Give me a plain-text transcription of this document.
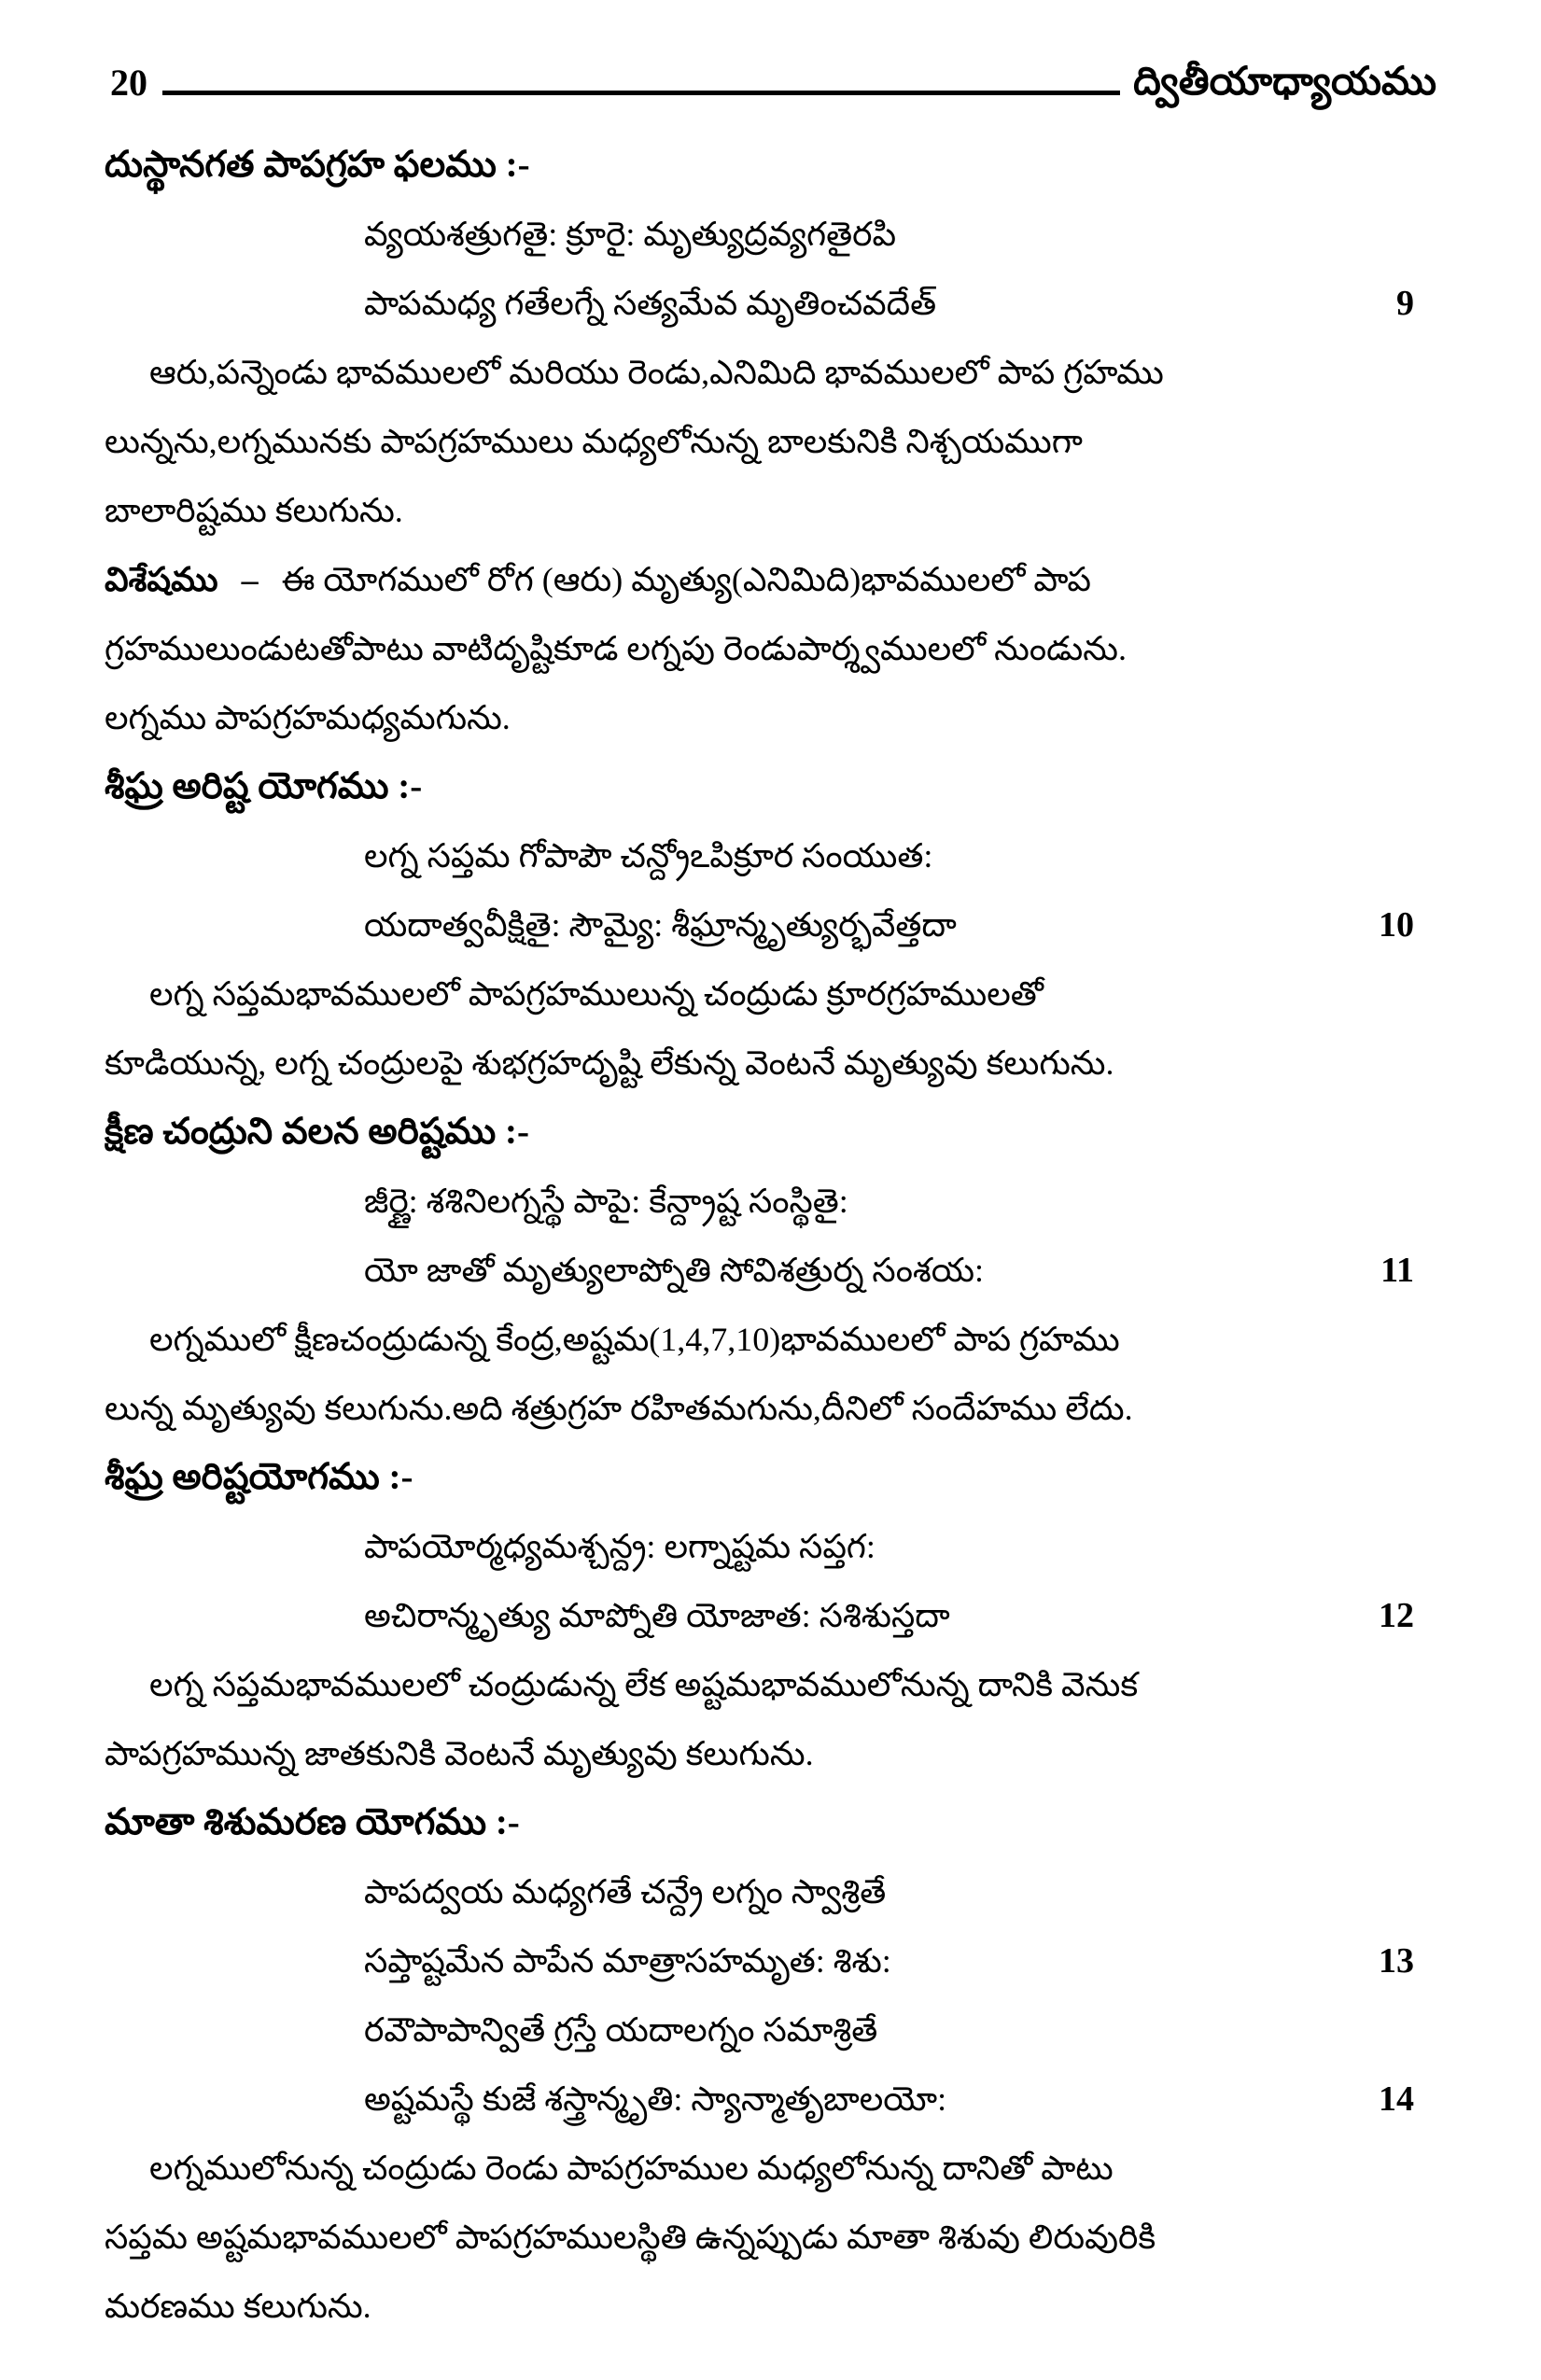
20	ద్వితీయాధ్యాయము
దుస్థానగత పాపగ్రహ ఫలము :-
వ్యయశత్రుగతై: క్రూరై: మృత్యుద్రవ్యగతైరపి
పాపమధ్య గతేలగ్నే సత్యమేవ మృతించవదేత్	9
ఆరు,పన్నెండు భావములలో మరియు రెండు,ఎనిమిది భావములలో పాప గ్రహము
లున్నను,లగ్నమునకు పాపగ్రహములు మధ్యలోనున్న బాలకునికి నిశ్చయముగా
బాలారిష్టము కలుగును.
విశేషము – ఈ యోగములో రోగ (ఆరు) మృత్యు(ఎనిమిది)భావములలో పాప
గ్రహములుండుటతోపాటు వాటిదృష్టికూడ లగ్నపు రెండుపార్శ్వములలో నుండును.
లగ్నము పాపగ్రహమధ్యమగును.
శీఘ్ర అరిష్ట యోగము :-
లగ్న సప్తమ గోపాపౌ చన్ద్రోఽపిక్రూర సంయుత:
యదాత్వవీక్షితై: సౌమ్యై: శీఘ్రాన్మృత్యుర్భవేత్తదా	10
లగ్న సప్తమభావములలో పాపగ్రహములున్న చంద్రుడు క్రూరగ్రహములతో
కూడియున్న, లగ్న చంద్రులపై శుభగ్రహదృష్టి లేకున్న వెంటనే మృత్యువు కలుగును.
క్షీణ చంద్రుని వలన అరిష్టము :-
జీర్ణై: శశినిలగ్నస్థే పాపై: కేన్ద్రాష్ట సంస్థితై:
యో జాతో మృత్యులాప్నోతి సోవిశత్రుర్న సంశయ:	11
లగ్నములో క్షీణచంద్రుడున్న కేంద్ర,అష్టమ(1,4,7,10)భావములలో పాప గ్రహము
లున్న మృత్యువు కలుగును.అది శత్రుగ్రహ రహితమగును,దీనిలో సందేహము లేదు.
శీఘ్ర అరిష్టయోగము :-
పాపయోర్మధ్యమశ్చన్ద్ర: లగ్నాష్టమ సప్తగ:
అచిరాన్మృత్యు మాప్నోతి యోజాత: సశిశుస్తదా	12
లగ్న సప్తమభావములలో చంద్రుడున్న లేక అష్టమభావములోనున్న దానికి వెనుక
పాపగ్రహమున్న జాతకునికి వెంటనే మృత్యువు కలుగును.
మాతా శిశుమరణ యోగము :-
పాపద్వయ మధ్యగతే చన్ద్రే లగ్నం స్వాశ్రితే
సప్తాష్టమేన పాపేన మాత్రాసహమృత: శిశు:	13
రవౌపాపాన్వితే గ్రస్తే యదాలగ్నం సమాశ్రితే
అష్టమస్థే కుజే శస్త్రాన్మృతి: స్యాన్మాతృబాలయో:	14
లగ్నములోనున్న చంద్రుడు రెండు పాపగ్రహముల మధ్యలోనున్న దానితో పాటు
సప్తమ అష్టమభావములలో పాపగ్రహములస్థితి ఉన్నప్పుడు మాతా శిశువు లిరువురికి
మరణము కలుగును.
